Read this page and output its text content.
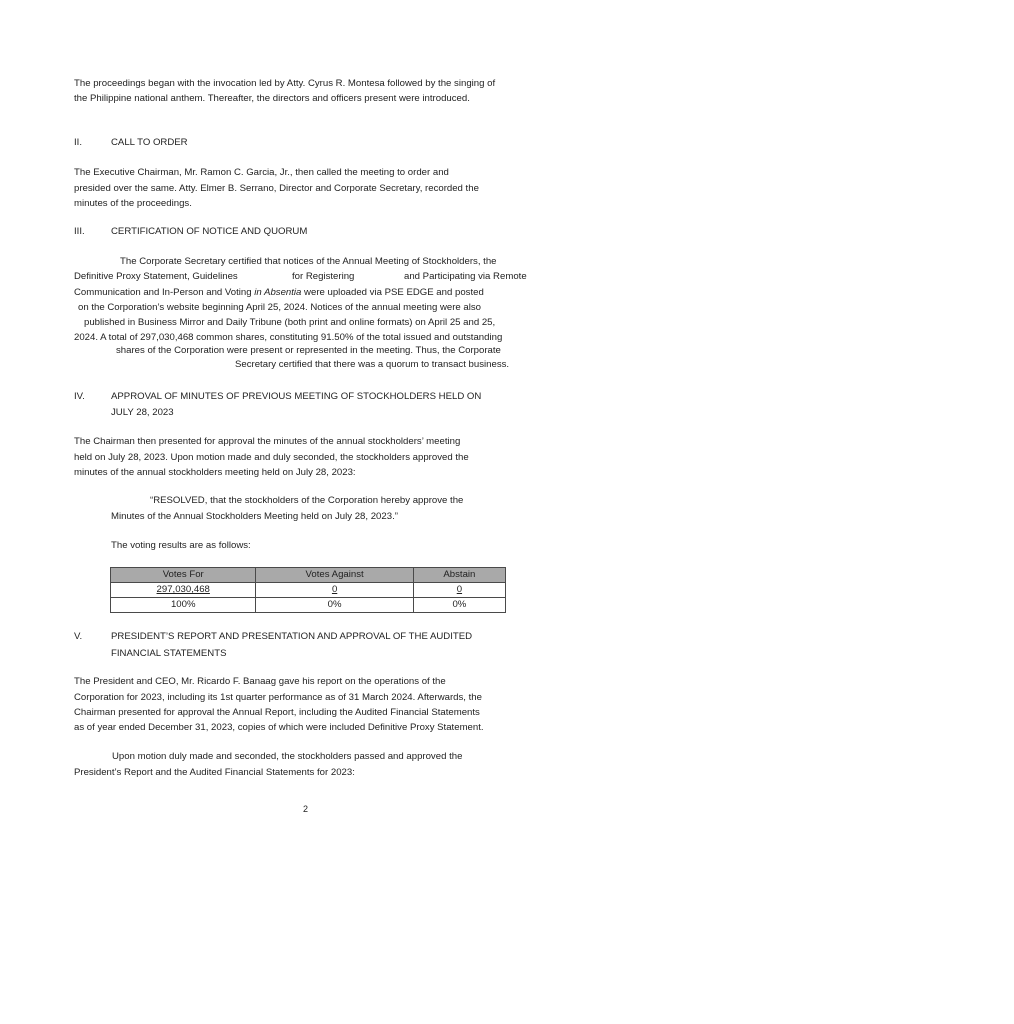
The proceedings began with the invocation led by Atty. Cyrus R. Montesa followed by the singing of
the Philippine national anthem. Thereafter, the directors and officers present were introduced.
II.	CALL TO ORDER
The Executive Chairman, Mr. Ramon C. Garcia, Jr., then called the meeting to order and
presided over the same. Atty. Elmer B. Serrano, Director and Corporate Secretary, recorded the
minutes of the proceedings.
III.	CERTIFICATION OF NOTICE AND QUORUM
The Corporate Secretary certified that notices of the Annual Meeting of Stockholders, the
Definitive Proxy Statement, Guidelines	for Registering	and Participating via Remote
Communication and In-Person and Voting in Absentia were uploaded via PSE EDGE and posted
on the Corporation’s website beginning April 25, 2024. Notices of the annual meeting were also
published in Business Mirror and Daily Tribune (both print and online formats) on April 25 and 25,
2024. A total of 297,030,468 common shares, constituting 91.50% of the total issued and outstanding
shares of the Corporation were present or represented in the meeting. Thus, the Corporate
Secretary certified that there was a quorum to transact business.
IV.	APPROVAL OF MINUTES OF PREVIOUS MEETING OF STOCKHOLDERS HELD ON
JULY 28, 2023
The Chairman then presented for approval the minutes of the annual stockholders’ meeting
held on July 28, 2023. Upon motion made and duly seconded, the stockholders approved the
minutes of the annual stockholders meeting held on July 28, 2023:
“RESOLVED, that the stockholders of the Corporation hereby approve the
Minutes of the Annual Stockholders Meeting held on July 28, 2023.”
The voting results are as follows:
Votes For	Votes Against	Abstain
297,030,468	0	0
100%	0%	0%
V.	PRESIDENT’S REPORT AND PRESENTATION AND APPROVAL OF THE AUDITED
FINANCIAL STATEMENTS
The President and CEO, Mr. Ricardo F. Banaag gave his report on the operations of the
Corporation for 2023, including its 1st quarter performance as of 31 March 2024. Afterwards, the
Chairman presented for approval the Annual Report, including the Audited Financial Statements
as of year ended December 31, 2023, copies of which were included Definitive Proxy Statement.
Upon motion duly made and seconded, the stockholders passed and approved the
President’s Report and the Audited Financial Statements for 2023:
2
